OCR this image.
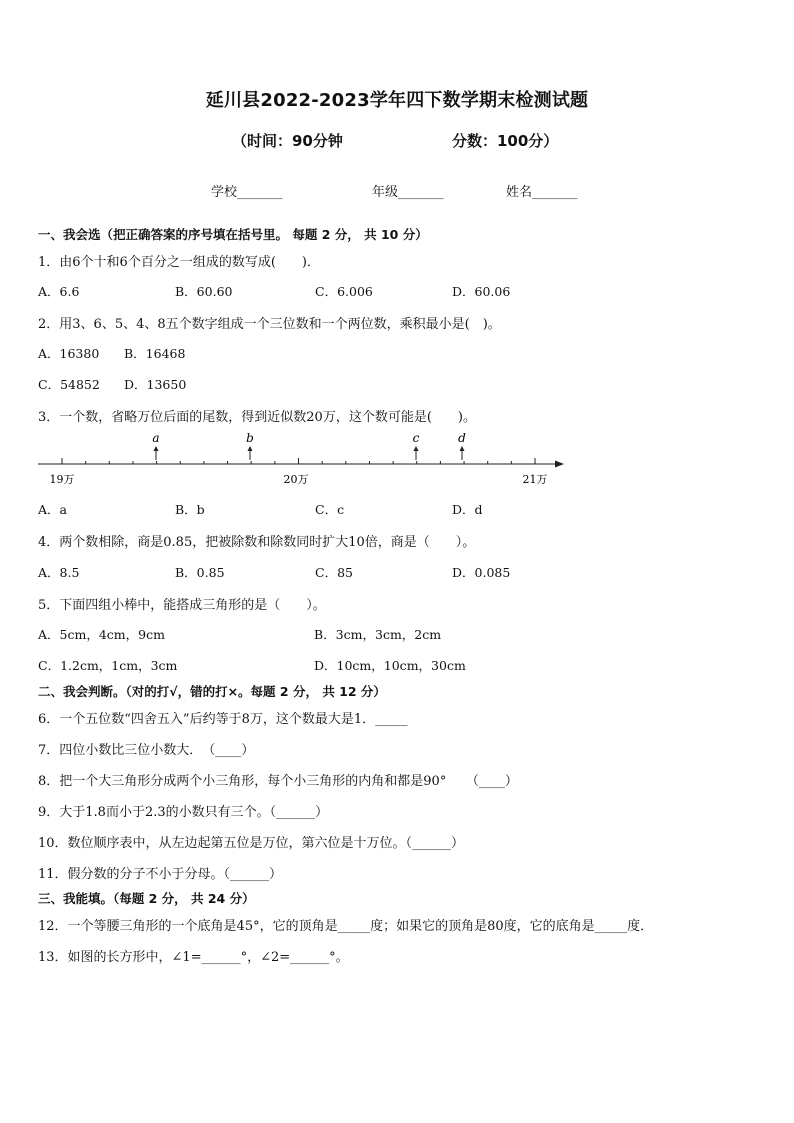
延川县2022-2023学年四下数学期末检测试题
（时间：90分钟	分数：100分）
学校_______	年级_______	姓名_______
一、我会选（把正确答案的序号填在括号里。 每题 2 分， 共 10 分）
1．由6个十和6个百分之一组成的数写成(　　)．
A．6.6	B．60.60	C．6.006	D．60.06
2．用3、6、5、4、8五个数字组成一个三位数和一个两位数，乘积最小是(　)。
A．16380 B．16468
C．54852 D．13650
3．一个数，省略万位后面的尾数，得到近似数20万，这个数可能是(　　)。
a	b	c	d
19万	20万	21万
A．a	B．b	C．c	D．d
4．两个数相除，商是0.85，把被除数和除数同时扩大10倍，商是（　　）。
A．8.5	B．0.85	C．85	D．0.085
5．下面四组小棒中，能搭成三角形的是（　　）。
A．5cm，4cm，9cm	B．3cm，3cm，2cm
C．1.2cm，1cm，3cm	D．10cm，10cm，30cm
二、我会判断。（对的打√，错的打×。每题 2 分， 共 12 分）
6．一个五位数“四舍五入”后约等于8万，这个数最大是1．_____
7．四位小数比三位小数大．　（____）
8．把一个大三角形分成两个小三角形，每个小三角形的内角和都是90°　　（____）
9．大于1.8而小于2.3的小数只有三个。（______）
10．数位顺序表中，从左边起第五位是万位，第六位是十万位。（______）
11．假分数的分子不小于分母。（______）
三、我能填。（每题 2 分， 共 24 分）
12．一个等腰三角形的一个底角是45°，它的顶角是_____度；如果它的顶角是80度，它的底角是_____度．
13．如图的长方形中，∠1=______°，∠2=______°。
